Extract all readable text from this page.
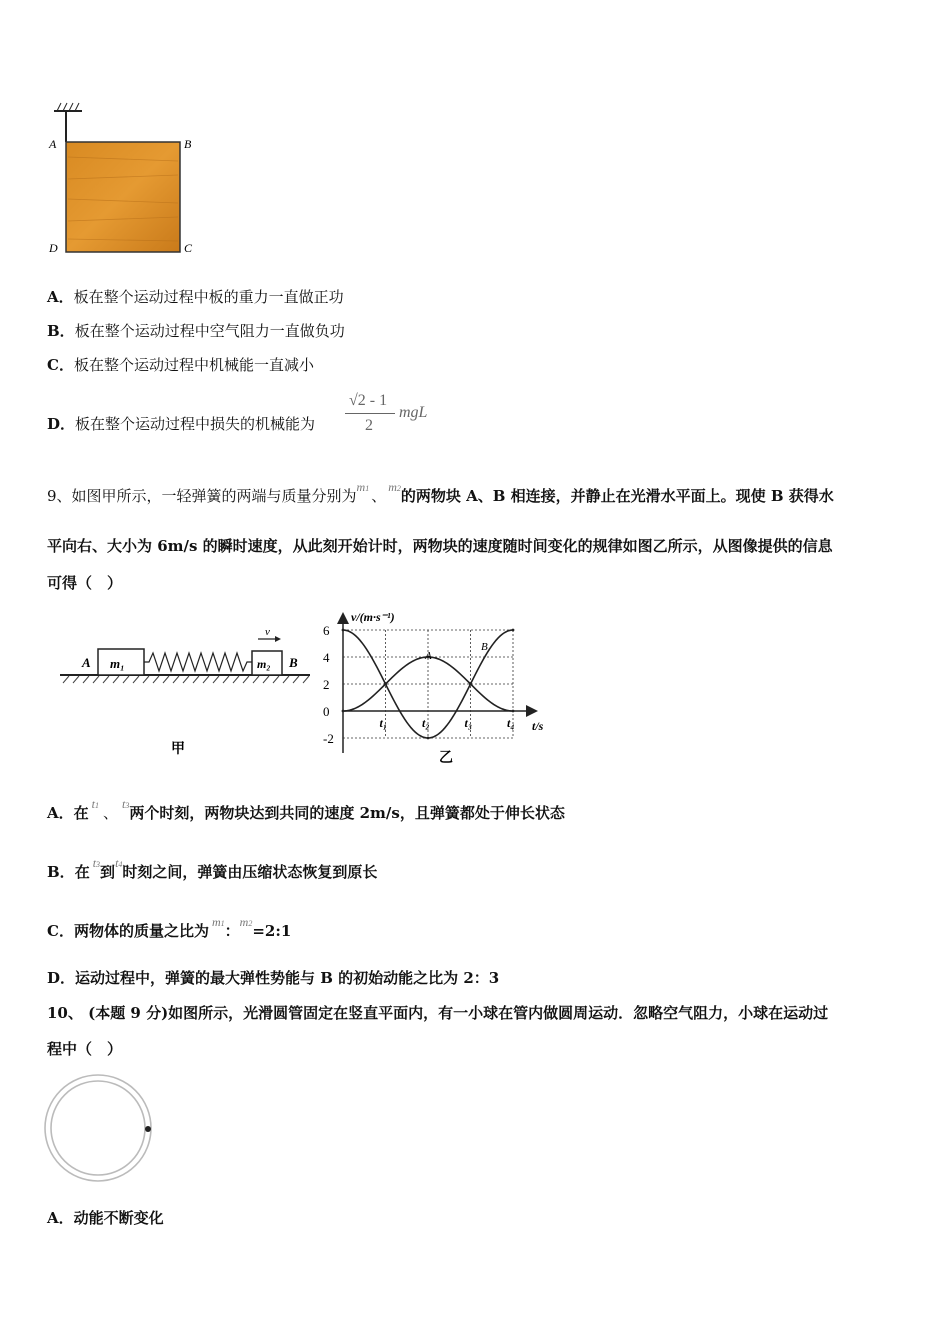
A	B
D	C
A．板在整个运动过程中板的重力一直做正功
B．板在整个运动过程中空气阻力一直做负功
C．板在整个运动过程中机械能一直减小
D．板在整个运动过程中损失的机械能为
√2 - 1
2
mgL
9、如图甲所示，一轻弹簧的两端与质量分别为$^{m1}$ 、 $^{m2}$的两物块 A、B 相连接，并静止在光滑水平面上。现使 B 获得水
平向右、大小为 6m/s 的瞬时速度，从此刻开始计时，两物块的速度随时间变化的规律如图乙所示，从图像提供的信息
可得（　）
m₁	m₂
A	B
v
甲
v/(m·s⁻¹)
t/s
6
4
2
0
-2
t₁	t₂	t₃	t₄
A
B
乙
A．在 $^{t1}$ 、 $^{t3}$两个时刻，两物块达到共同的速度 2m/s，且弹簧都处于伸长状态
B．在 $^{t3}$到$^{t4}$时刻之间，弹簧由压缩状态恢复到原长
C．两物体的质量之比为 $^{m1}$：$^{m2}$=2:1
D．运动过程中，弹簧的最大弹性势能与 B 的初始动能之比为 2：3
10、 (本题 9 分)如图所示，光滑圆管固定在竖直平面内，有一小球在管内做圆周运动．忽略空气阻力，小球在运动过
程中（　）
A．动能不断变化
